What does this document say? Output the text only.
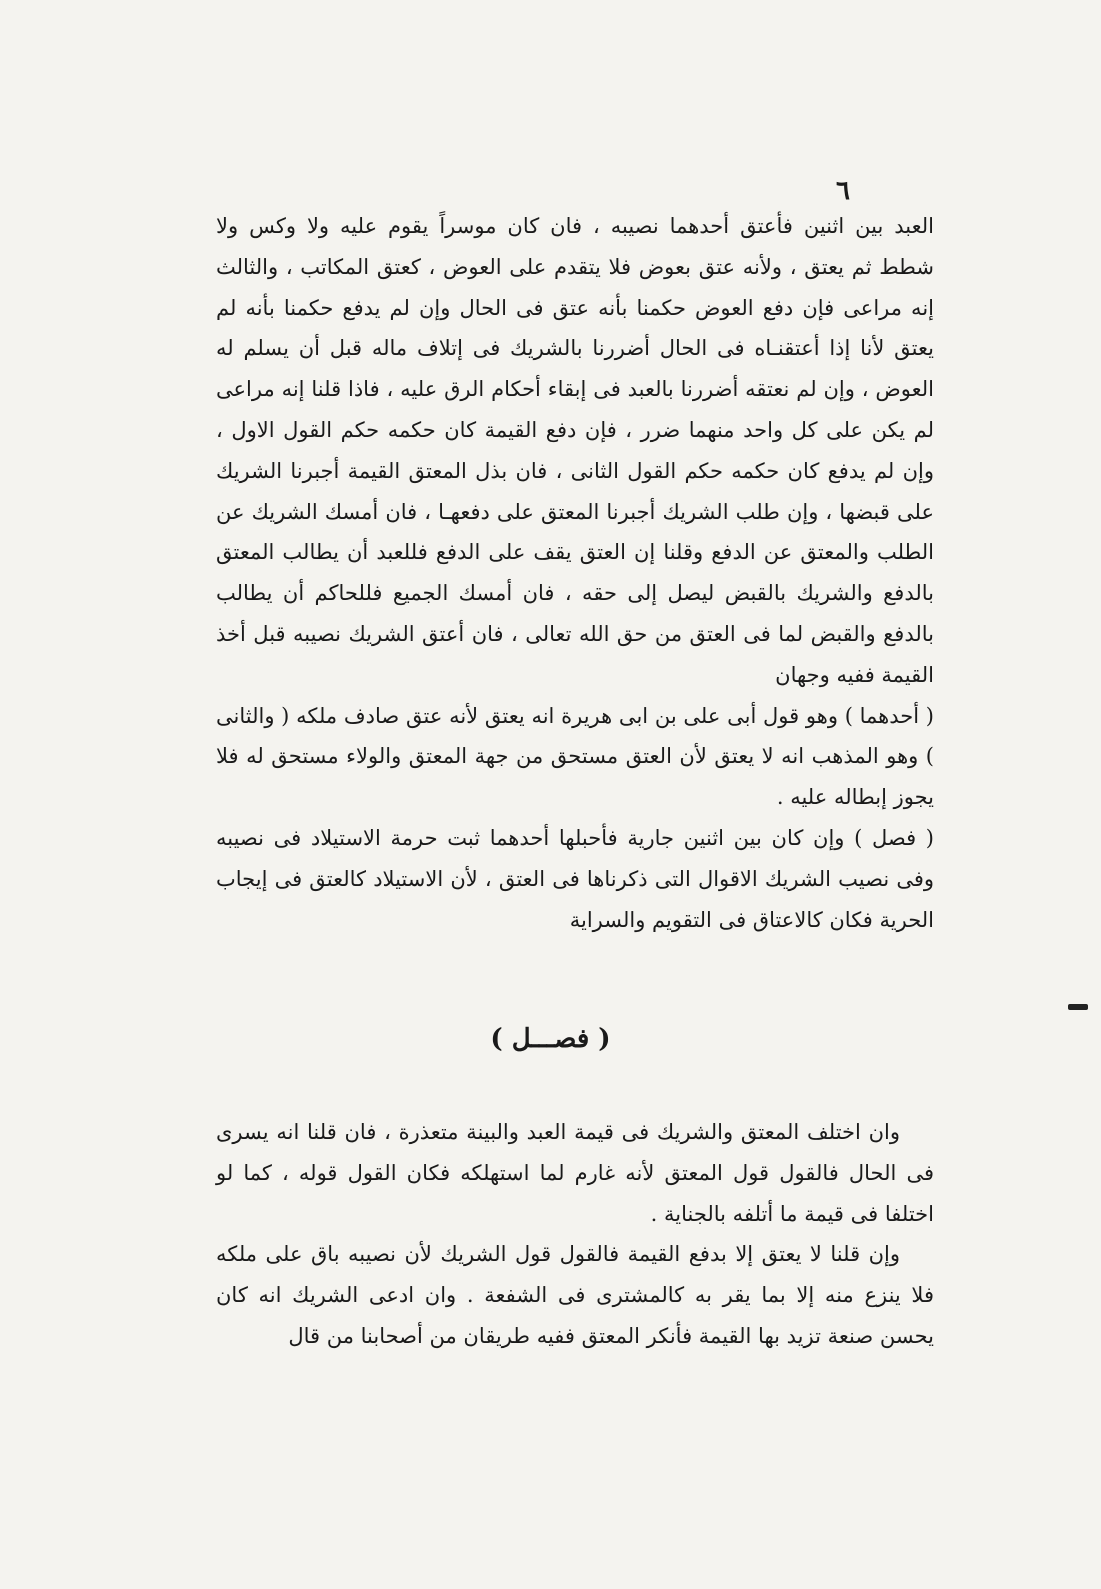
٦

العبد بين اثنين فأعتق أحدهما نصيبه ، فان كان موسراً يقوم عليه ولا وكس ولا شطط ثم يعتق ، ولأنه عتق بعوض فلا يتقدم على العوض ، كعتق المكاتب ، والثالث إنه مراعى فإن دفع العوض حكمنا بأنه عتق فى الحال وإن لم يدفع حكمنا بأنه لم يعتق لأنا إذا أعتقنـاه فى الحال أضررنا بالشريك فى إتلاف ماله قبل أن يسلم له العوض ، وإن لم نعتقه أضررنا بالعبد فى إبقاء أحكام الرق عليه ، فاذا قلنا إنه مراعى لم يكن على كل واحد منهما ضرر ، فإن دفع القيمة كان حكمه حكم القول الاول ، وإن لم يدفع كان حكمه حكم القول الثانى ، فان بذل المعتق القيمة أجبرنا الشريك على قبضها ، وإن طلب الشريك أجبرنا المعتق على دفعهـا ، فان أمسك الشريك عن الطلب والمعتق عن الدفع وقلنا إن العتق يقف على الدفع فللعبد أن يطالب المعتق بالدفع والشريك بالقبض ليصل إلى حقه ، فان أمسك الجميع فللحاكم أن يطالب بالدفع والقبض لما فى العتق من حق الله تعالى ، فان أعتق الشريك نصيبه قبل أخذ القيمة ففيه وجهان

( أحدهما ) وهو قول أبى على بن ابى هريرة انه يعتق لأنه عتق صادف ملكه ( والثانى ) وهو المذهب انه لا يعتق لأن العتق مستحق من جهة المعتق والولاء مستحق له فلا يجوز إبطاله عليه .

( فصل ) وإن كان بين اثنين جارية فأحبلها أحدهما ثبت حرمة الاستيلاد فى نصيبه وفى نصيب الشريك الاقوال التى ذكرناها فى العتق ، لأن الاستيلاد كالعتق فى إيجاب الحرية فكان كالاعتاق فى التقويم والسراية

( فصـــل )

وان اختلف المعتق والشريك فى قيمة العبد والبينة متعذرة ، فان قلنا انه يسرى فى الحال فالقول قول المعتق لأنه غارم لما استهلكه فكان القول قوله ، كما لو اختلفا فى قيمة ما أتلفه بالجناية .

وإن قلنا لا يعتق إلا بدفع القيمة فالقول قول الشريك لأن نصيبه باق على ملكه فلا ينزع منه إلا بما يقر به كالمشترى فى الشفعة . وان ادعى الشريك انه كان يحسن صنعة تزيد بها القيمة فأنكر المعتق ففيه طريقان من أصحابنا من قال
